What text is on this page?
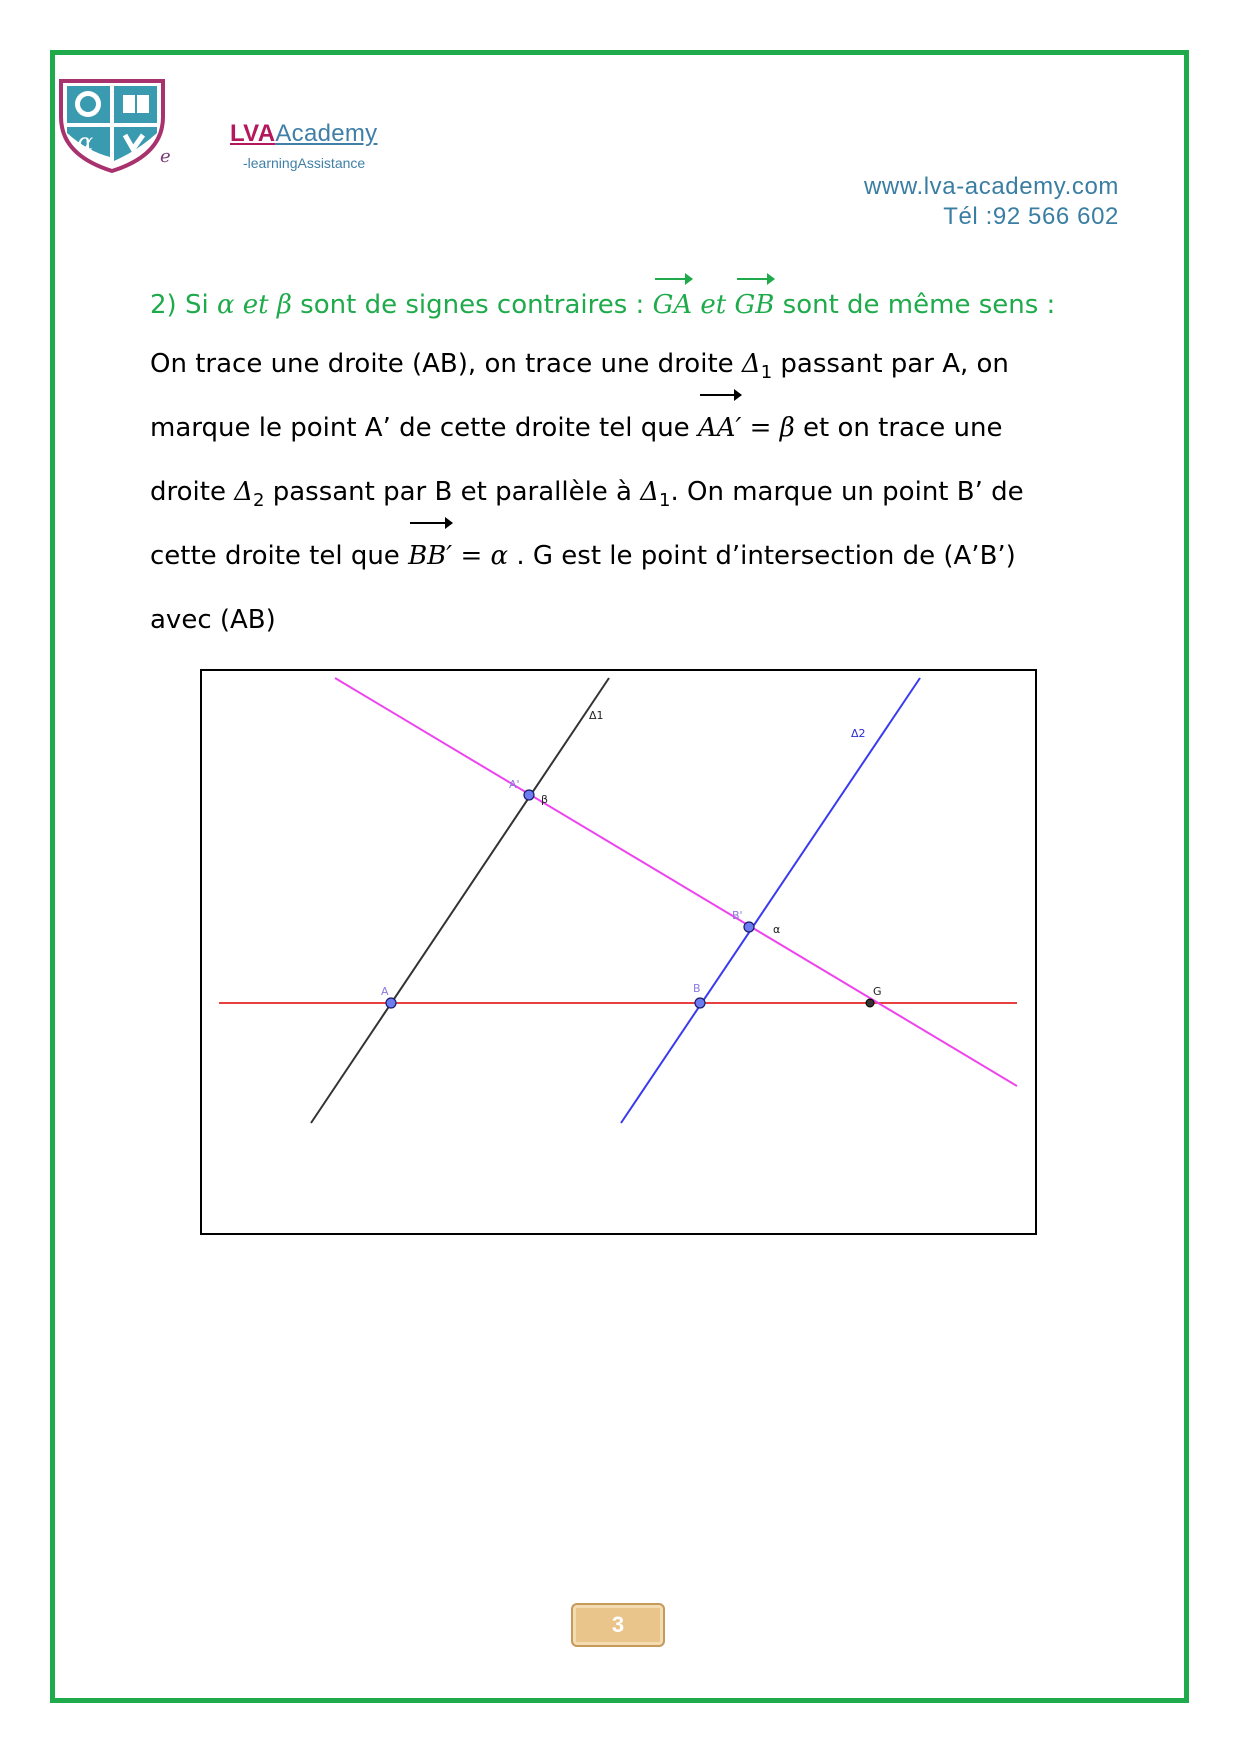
α
e
LVAAcademy
-learningAssistance
www.lva-academy.com
Tél :92 566 602
2) Si α et β sont de signes contraires : GA et GB sont de même sens :

On trace une droite (AB), on trace une droite $\Delta_1$ passant par A, on

marque le point A’ de cette droite tel que AA′ = β et on trace une

droite $\Delta_2$ passant par B et parallèle à $\Delta_1$. On marque un point B’ de

cette droite tel que BB′ = α . G est le point d’intersection de (A’B’)

avec (AB)

Δ1
Δ2
A'
β
B'
α
A	B	G
3
